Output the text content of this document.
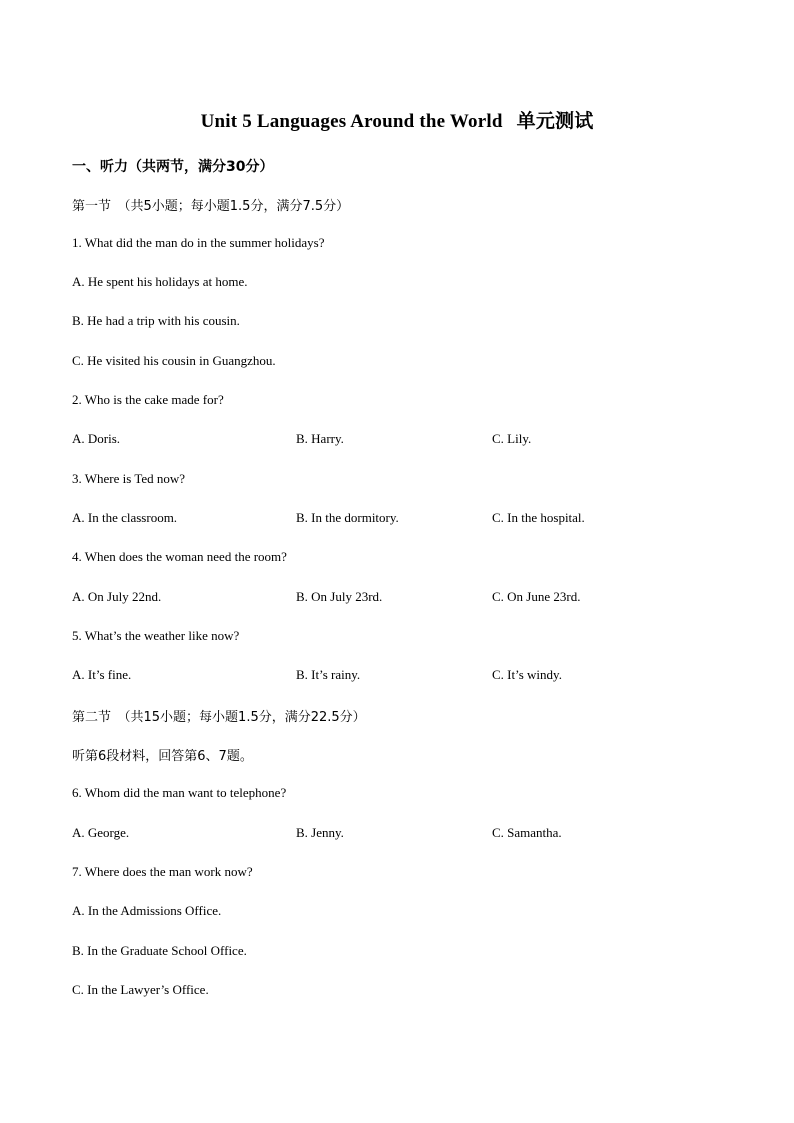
Unit 5 Languages Around the World 单元测试
一、听力（共两节，满分30分）
第一节　（共5小题；每小题1.5分，满分7.5分）
1. What did the man do in the summer holidays?
A. He spent his holidays at home.
B. He had a trip with his cousin.
C. He visited his cousin in Guangzhou.
2. Who is the cake made for?
A. Doris.	B. Harry.	C. Lily.
3. Where is Ted now?
A. In the classroom.	B. In the dormitory.	C. In the hospital.
4. When does the woman need the room?
A. On July 22nd.	B. On July 23rd.	C. On June 23rd.
5. What’s the weather like now?
A. It’s fine.	B. It’s rainy.	C. It’s windy.
第二节　（共15小题；每小题1.5分，满分22.5分）
听第6段材料，回答第6、7题。
6. Whom did the man want to telephone?
A. George.	B. Jenny.	C. Samantha.
7. Where does the man work now?
A. In the Admissions Office.
B. In the Graduate School Office.
C. In the Lawyer’s Office.
